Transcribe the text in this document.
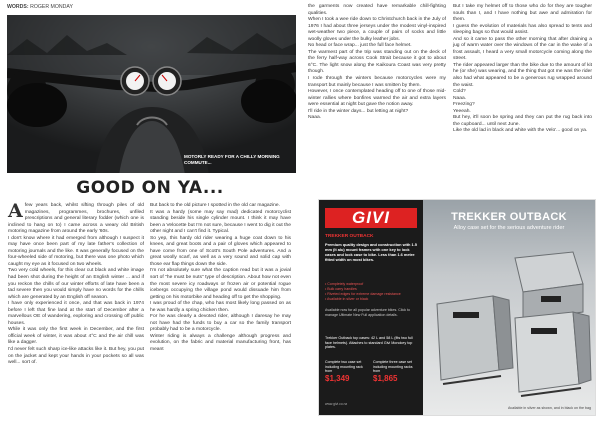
WORDS: ROGER MONDAY
MOTORLY READY FOR A CHILLY MORNING COMMUTE...
GOOD ON YA...

Afew years back, whilst sifting through piles of old magazines, programmes, brochures, unfiled prescriptions and general literary fodder (which one is inclined to hang on to) I came across a weary old British motoring magazine from around the early '60s.

I don't know where it had emerged from although I suspect it may have once been part of my late father's collection of motoring journals and the like. It was generally focused on the four-wheeled side of motoring, but there was one photo which caught my eye as it focused on two wheels.

Two very cold wheels, for this clear cut black and white image had been shot during the height of an English winter ... and if you reckon the chills of our winter efforts of late have been a tad severe then you would simply have no words for the chills which are generated by an English off season.

I have only experienced it once, and that was back in 1974 before I left that fine land at the start of December after a marvellous OE of wandering, exploring and crossing off public houses.

While it was only the first week in December, and the first official week of winter, it was about 4°C and the air chill was like a dagger.

I'd never felt such sharp ice-like attacks like it. But hey, you put on the jacket and kept your hands in your pockets so all was well... sort of.

But back to the old picture I spotted in the old car magazine.

It was a hardy (some may say mad) dedicated motorcyclist standing beside his single cylinder mount. I think it may have been a Velocette but I'm not sure, because I went to dig it out the other night and I can't find it. Typical.

So yep, this hardy old rider wearing a huge coat down to his knees, and great boots and a pair of gloves which appeared to have come from one of Scott's South Pole adventures. And a great woolly scarf, as well as a very sound and solid cap with those ear flap things down the side.

I'm not absolutely sure what the caption read but it was a jovial sort of "he must be nuts" type of description. About how not even the most severe icy roadways or frozen air or potential rogue icebergs occupying the village pond would dissuade him from getting on his motorbike and heading off to get the shopping.

I was proud of the chap, who has most likely long passed on as he was hardly a spring chicken then.

For he was clearly a devoted rider, although I daresay he may not have had the funds to buy a car so the family transport probably had to be a motorcycle.

Winter riding is always a challenge although progress and evolution, on the fabric and material manufacturing front, has meant

the garments now created have remarkable chill-fighting qualities.

When I took a wee ride down to Christchurch back in the July of 1976 I had about three jerseys under the modest vinyl-inspired wet-weather two piece, a couple of pairs of socks and little woolly gloves under the bulky leather jobs.

No head or face wrap... just the full face helmet.

The warmest part of the trip was standing out on the deck of the ferry half-way across Cook Strait because it got to about 6°C. The light snow along the Kaikoura Coast was very pretty though.

I rode through the winters because motorcycles were my transport but mainly because I was smitten by them.

However, I once contemplated heading off to one of those mid-winter rallies where bonfires warmed the air and extra layers were essential at night but gave the notion away.

I'll ride in the winter days... but letting at night?

Naaa.

But I take my helmet off to those who do for they are tougher souls than I, and I have nothing but awe and admiration for them.

I guess the evolution of materials has also spread to tents and sleeping bags so that would assist.

And so it came to pass the other morning that after draining a jug of warm water over the windows of the car in the wake of a frost assault, I heard a very small motorcycle coming along the street.

The rider appeared larger than the bike due to the amount of kit he (or she) was wearing, and the thing that got me was the rider also had what appeared to be a generous rug wrapped around the waist.

Cold?

Naaa.

Freezing?

Yeeeah.

But hey, it'll soon be spring and they can put the rug back into the cupboard... until next June.

Like the old lad in black and white with the Velo'... good on ya.

GIVI
TREKKER OUTBACK
Premium quality design and construction with 1.5 mm (lt alu) mount frames with one key to lock cases and lock case to bike. Less than 1.6 metre fitted width on most bikes.
• Completely waterproof
• Bulk carry handles
• Riveted edges for extreme damage resistance
• Available in silver or black
Available now for all popular adventure bikes. Click to manage Ultimate New Full application details.
Trekker Outback top cases: 42 L and 58 L (fits two full face helmets). Attaches to standard Givi Monokey top plates.
Complete two case set including mounting rack from
$1,349
Complete three case set including mounting racks from
$1,865
www.givi.co.nz
TREKKER OUTBACK
Alloy case set for the serious adventure rider
Available in silver as shown, and in black on the bag
